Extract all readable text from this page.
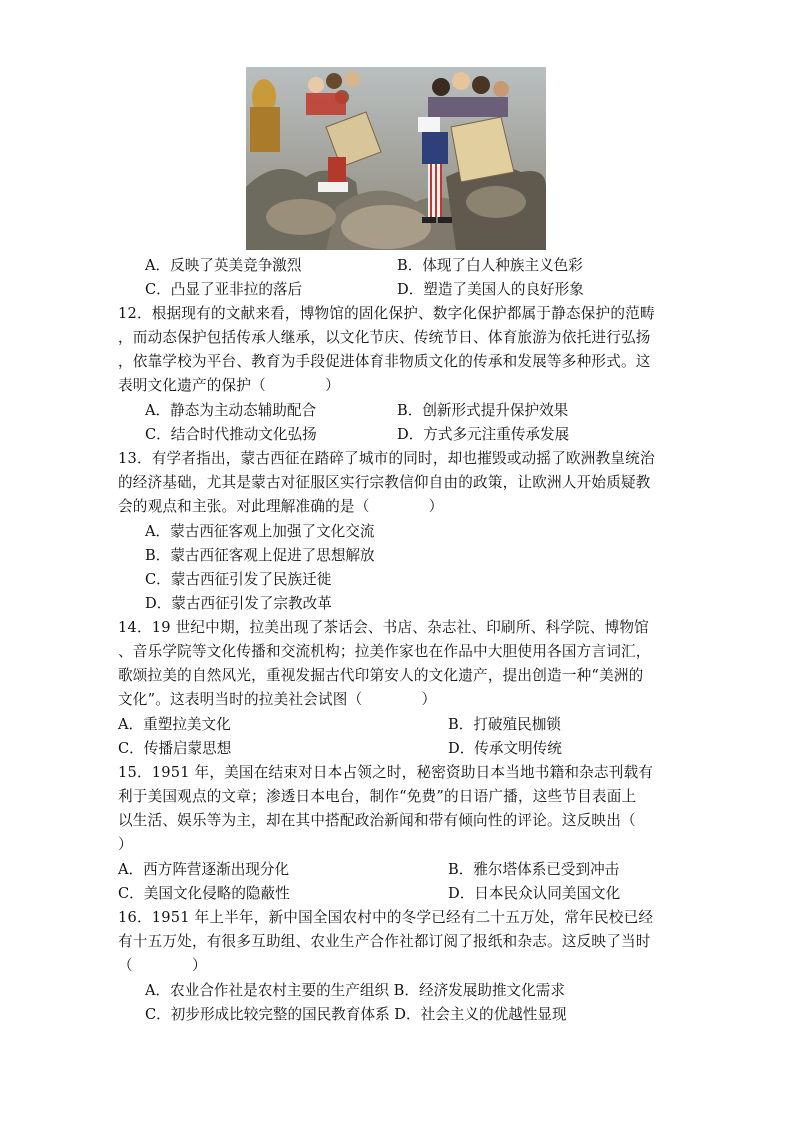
A．反映了英美竞争激烈	B．体现了白人种族主义色彩
C．凸显了亚非拉的落后	D．塑造了美国人的良好形象
12．根据现有的文献来看，博物馆的固化保护、数字化保护都属于静态保护的范畴
，而动态保护包括传承人继承，以文化节庆、传统节日、体育旅游为依托进行弘扬
，依靠学校为平台、教育为手段促进体育非物质文化的传承和发展等多种形式。这
表明文化遗产的保护（　　　　）
A．静态为主动态辅助配合	B．创新形式提升保护效果
C．结合时代推动文化弘扬	D．方式多元注重传承发展
13．有学者指出，蒙古西征在踏碎了城市的同时，却也摧毁或动摇了欧洲教皇统治
的经济基础，尤其是蒙古对征服区实行宗教信仰自由的政策，让欧洲人开始质疑教
会的观点和主张。对此理解准确的是（　　　　）
A．蒙古西征客观上加强了文化交流
B．蒙古西征客观上促进了思想解放
C．蒙古西征引发了民族迁徙
D．蒙古西征引发了宗教改革
14．19 世纪中期，拉美出现了茶话会、书店、杂志社、印刷所、科学院、博物馆
、音乐学院等文化传播和交流机构；拉美作家也在作品中大胆使用各国方言词汇，
歌颂拉美的自然风光，重视发掘古代印第安人的文化遗产，提出创造一种“美洲的
文化”。这表明当时的拉美社会试图（　　　　）
A．重塑拉美文化	B．打破殖民枷锁
C．传播启蒙思想	D．传承文明传统
15．1951 年，美国在结束对日本占领之时，秘密资助日本当地书籍和杂志刊载有
利于美国观点的文章；渗透日本电台，制作“免费”的日语广播，这些节目表面上
以生活、娱乐等为主，却在其中搭配政治新闻和带有倾向性的评论。这反映出（
）
A．西方阵营逐渐出现分化	B．雅尔塔体系已受到冲击
C．美国文化侵略的隐蔽性	D．日本民众认同美国文化
16．1951 年上半年，新中国全国农村中的冬学已经有二十五万处，常年民校已经
有十五万处，有很多互助组、农业生产合作社都订阅了报纸和杂志。这反映了当时
（　　　　）
A．农业合作社是农村主要的生产组织 B．经济发展助推文化需求
C．初步形成比较完整的国民教育体系 D．社会主义的优越性显现
